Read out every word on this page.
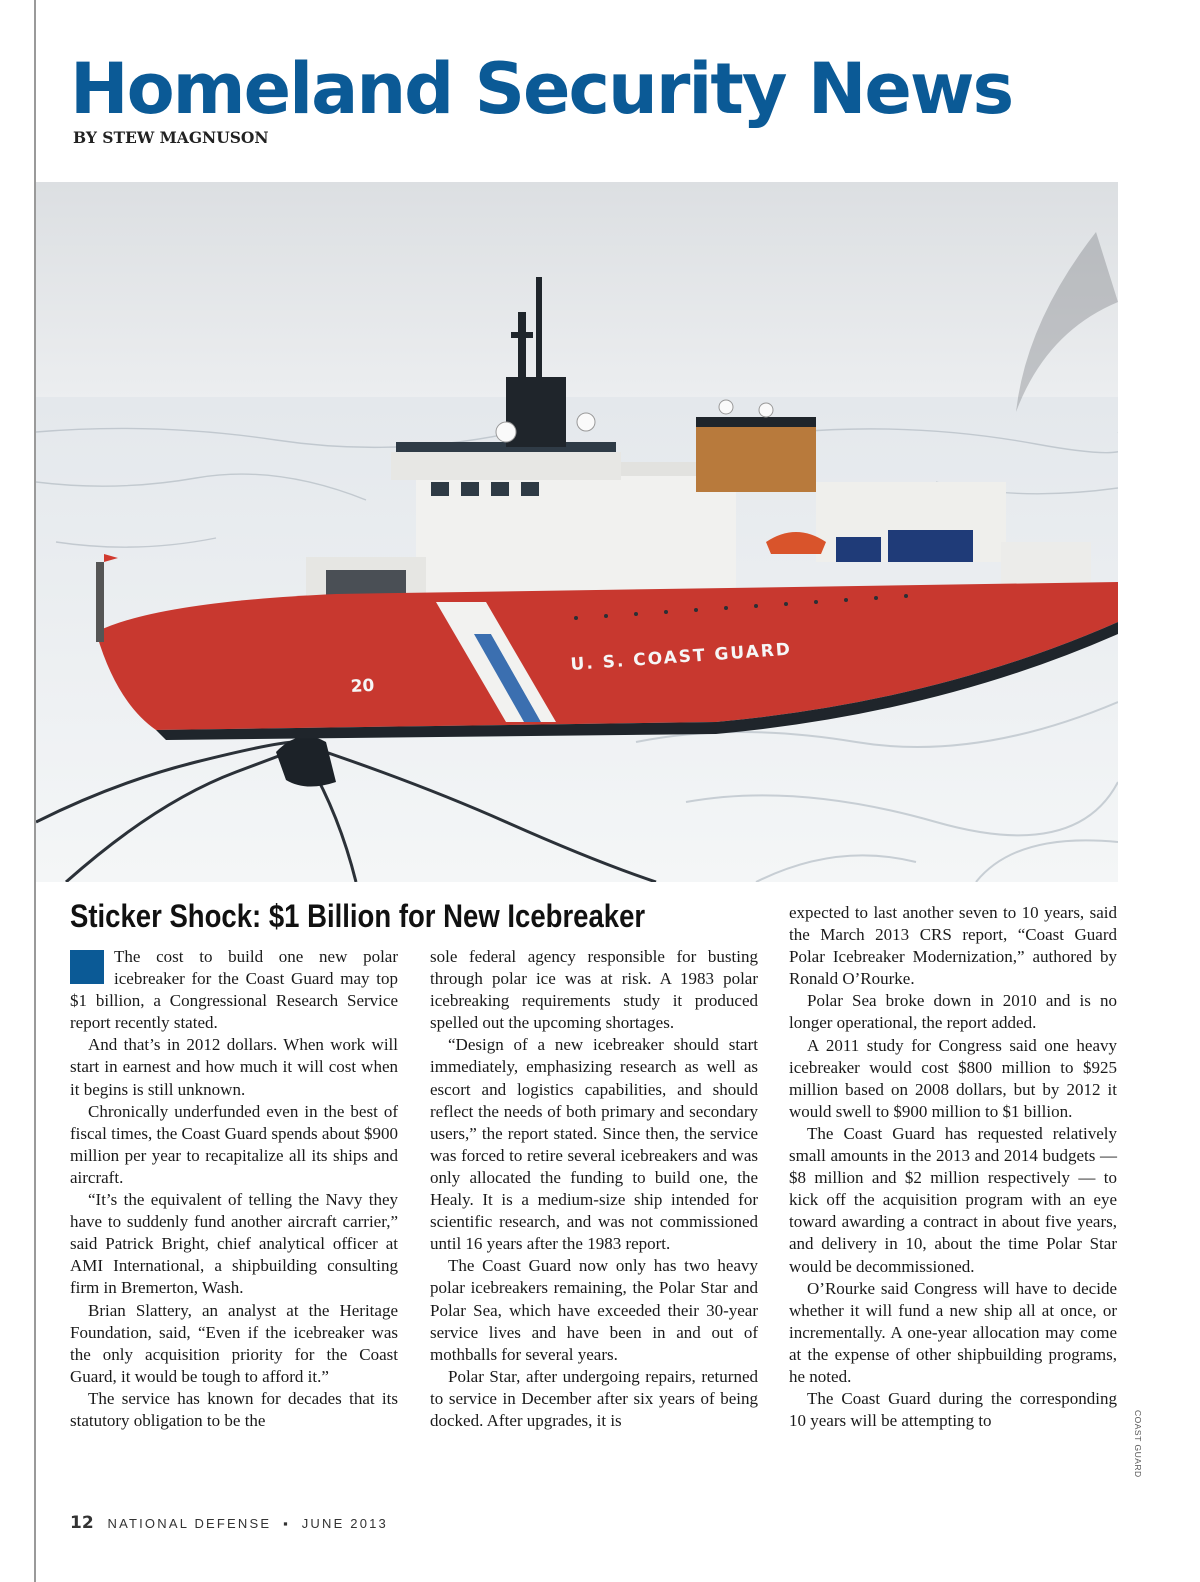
Homeland Security News
BY STEW MAGNUSON
U. S. COAST GUARD
20
Sticker Shock: $1 Billion for New Icebreaker

The cost to build one new polar icebreaker for the Coast Guard may top $1 billion, a Congressional Research Service report recently stated.

And that’s in 2012 dollars. When work will start in earnest and how much it will cost when it begins is still unknown.

Chronically underfunded even in the best of fiscal times, the Coast Guard spends about $900 million per year to recapitalize all its ships and aircraft.

“It’s the equivalent of telling the Navy they have to suddenly fund another aircraft carrier,” said Patrick Bright, chief analytical officer at AMI International, a shipbuilding consulting firm in Bremerton, Wash.

Brian Slattery, an analyst at the Heritage Foundation, said, “Even if the icebreaker was the only acquisition priority for the Coast Guard, it would be tough to afford it.”

The service has known for decades that its statutory obligation to be the

sole federal agency responsible for busting through polar ice was at risk. A 1983 polar icebreaking requirements study it produced spelled out the upcoming shortages.

“Design of a new icebreaker should start immediately, emphasizing research as well as escort and logistics capabilities, and should reflect the needs of both primary and secondary users,” the report stated. Since then, the service was forced to retire several icebreakers and was only allocated the funding to build one, the Healy. It is a medium-size ship intended for scientific research, and was not commissioned until 16 years after the 1983 report.

The Coast Guard now only has two heavy polar icebreakers remaining, the Polar Star and Polar Sea, which have exceeded their 30-year service lives and have been in and out of mothballs for several years.

Polar Star, after undergoing repairs, returned to service in December after six years of being docked. After upgrades, it is

expected to last another seven to 10 years, said the March 2013 CRS report, “Coast Guard Polar Icebreaker Modernization,” authored by Ronald O’Rourke.

Polar Sea broke down in 2010 and is no longer operational, the report added.

A 2011 study for Congress said one heavy icebreaker would cost $800 million to $925 million based on 2008 dollars, but by 2012 it would swell to $900 million to $1 billion.

The Coast Guard has requested relatively small amounts in the 2013 and 2014 budgets — $8 million and $2 million respectively — to kick off the acquisition program with an eye toward awarding a contract in about five years, and delivery in 10, about the time Polar Star would be decommissioned.

O’Rourke said Congress will have to decide whether it will fund a new ship all at once, or incrementally. A one-year allocation may come at the expense of other shipbuilding programs, he noted.

The Coast Guard during the corresponding 10 years will be attempting to	COAST GUARD
12 NATIONAL DEFENSE ▪ JUNE 2013
